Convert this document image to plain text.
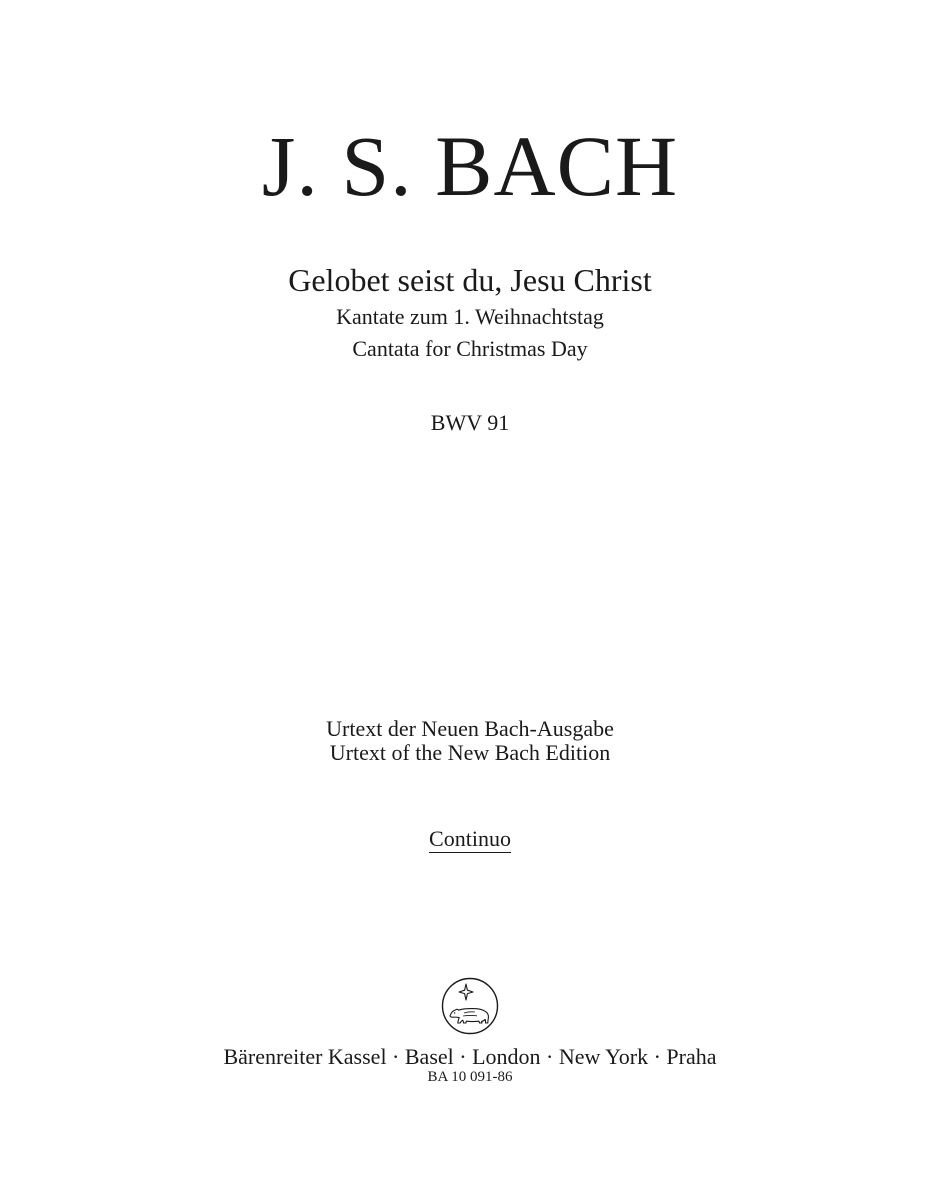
J. S. BACH
Gelobet seist du, Jesu Christ
Kantate zum 1. Weihnachtstag
Cantata for Christmas Day
BWV 91
Urtext der Neuen Bach-Ausgabe
Urtext of the New Bach Edition
Continuo
Bärenreiter Kassel · Basel · London · New York · Praha
BA 10 091-86
